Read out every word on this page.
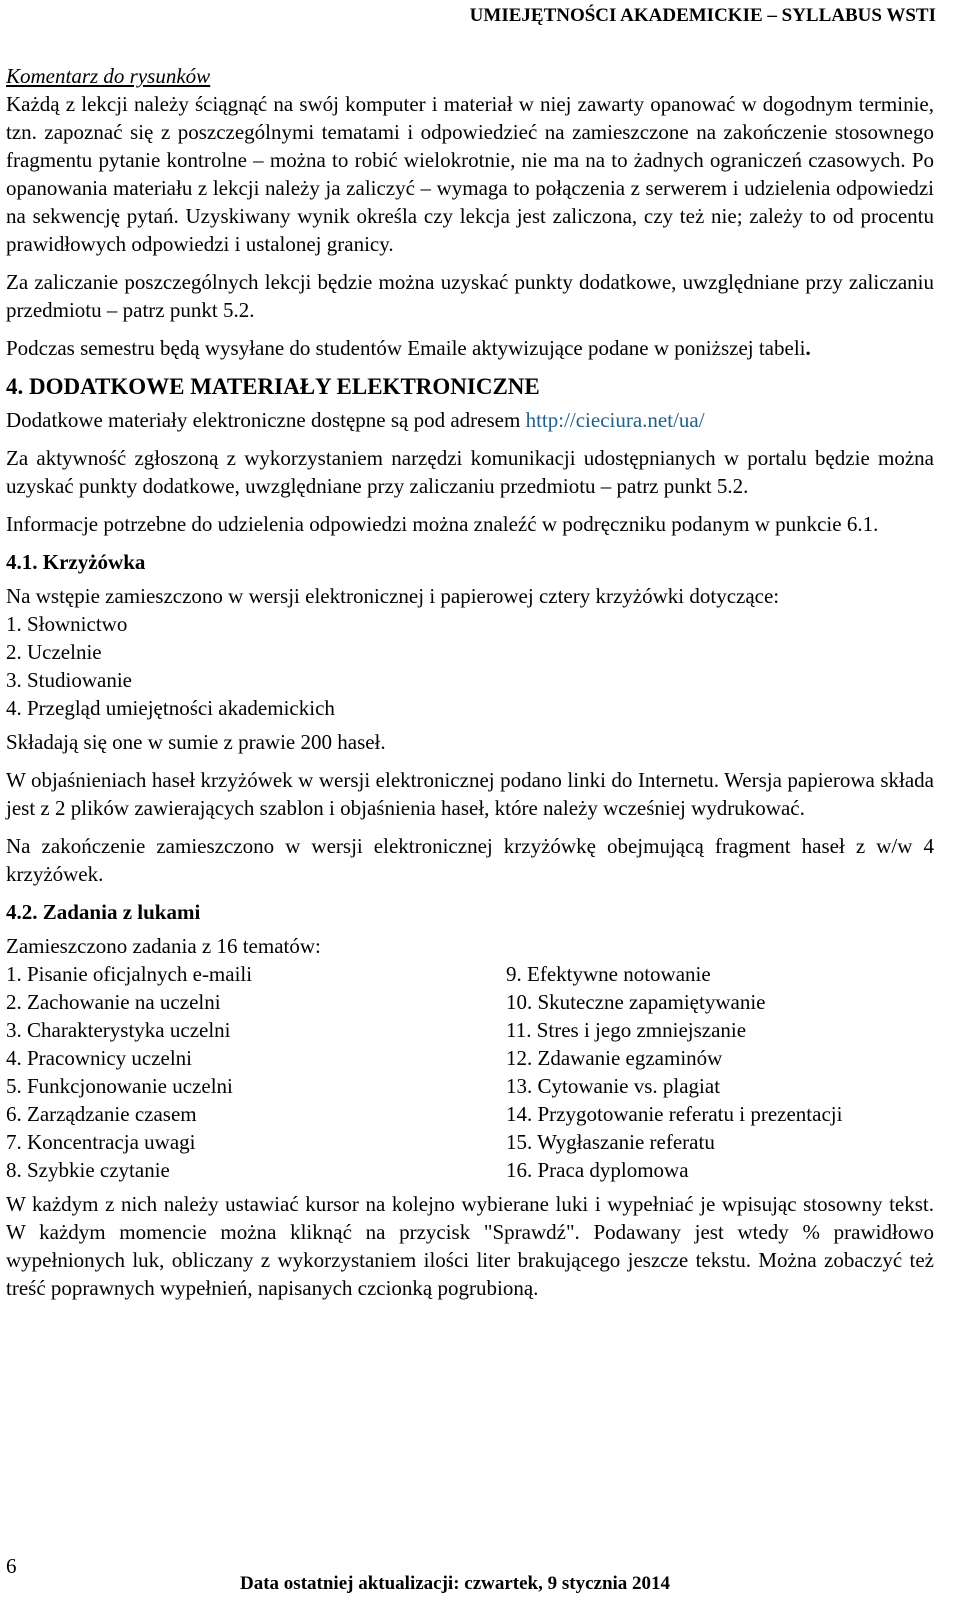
UMIEJĘTNOŚCI AKADEMICKIE – SYLLABUS WSTI

Komentarz do rysunków

Każdą z lekcji należy ściągnąć na swój komputer i materiał w niej zawarty opanować w dogodnym terminie, tzn. zapoznać się z poszczególnymi tematami i odpowiedzieć na zamieszczone na zakończenie stosownego fragmentu pytanie kontrolne – można to robić wielokrotnie, nie ma na to żadnych ograniczeń czasowych. Po opanowania materiału z lekcji należy ja zaliczyć – wymaga to połączenia z serwerem i udzielenia odpowiedzi na sekwencję pytań. Uzyskiwany wynik określa czy lekcja jest zaliczona, czy też nie; zależy to od procentu prawidłowych odpowiedzi i ustalonej granicy.

Za zaliczanie poszczególnych lekcji będzie można uzyskać punkty dodatkowe, uwzględniane przy zaliczaniu przedmiotu – patrz punkt 5.2.

Podczas semestru będą wysyłane do studentów Emaile aktywizujące podane w poniższej tabeli.

4. DODATKOWE MATERIAŁY ELEKTRONICZNE

Dodatkowe materiały elektroniczne dostępne są pod adresem http://cieciura.net/ua/

Za aktywność zgłoszoną z wykorzystaniem narzędzi komunikacji udostępnianych w portalu będzie można uzyskać punkty dodatkowe, uwzględniane przy zaliczaniu przedmiotu – patrz punkt 5.2.

Informacje potrzebne do udzielenia odpowiedzi można znaleźć w podręczniku podanym w punkcie 6.1.

4.1. Krzyżówka

Na wstępie zamieszczono w wersji elektronicznej i papierowej cztery krzyżówki dotyczące:

1. Słownictwo
2. Uczelnie
3. Studiowanie
4. Przegląd umiejętności akademickich

Składają się one w sumie z prawie 200 haseł.

W objaśnieniach haseł krzyżówek w wersji elektronicznej podano linki do Internetu. Wersja papierowa składa jest z 2 plików zawierających szablon i objaśnienia haseł, które należy wcześniej wydrukować.

Na zakończenie zamieszczono w wersji elektronicznej krzyżówkę obejmującą fragment haseł z w/w 4 krzyżówek.

4.2. Zadania z lukami

Zamieszczono zadania z 16 tematów:

1. Pisanie oficjalnych e-maili
2. Zachowanie na uczelni
3. Charakterystyka uczelni
4. Pracownicy uczelni
5. Funkcjonowanie uczelni
6. Zarządzanie czasem
7. Koncentracja uwagi
8. Szybkie czytanie
9. Efektywne notowanie
10. Skuteczne zapamiętywanie
11. Stres i jego zmniejszanie
12. Zdawanie egzaminów
13. Cytowanie vs. plagiat
14. Przygotowanie referatu i prezentacji
15. Wygłaszanie referatu
16. Praca dyplomowa

W każdym z nich należy ustawiać kursor na kolejno wybierane luki i wypełniać je wpisując stosowny tekst. W każdym momencie można kliknąć na przycisk "Sprawdź". Podawany jest wtedy % prawidłowo wypełnionych luk, obliczany z wykorzystaniem ilości liter brakującego jeszcze tekstu. Można zobaczyć też treść poprawnych wypełnień, napisanych czcionką pogrubioną.

6
Data ostatniej aktualizacji: czwartek, 9 stycznia 2014
